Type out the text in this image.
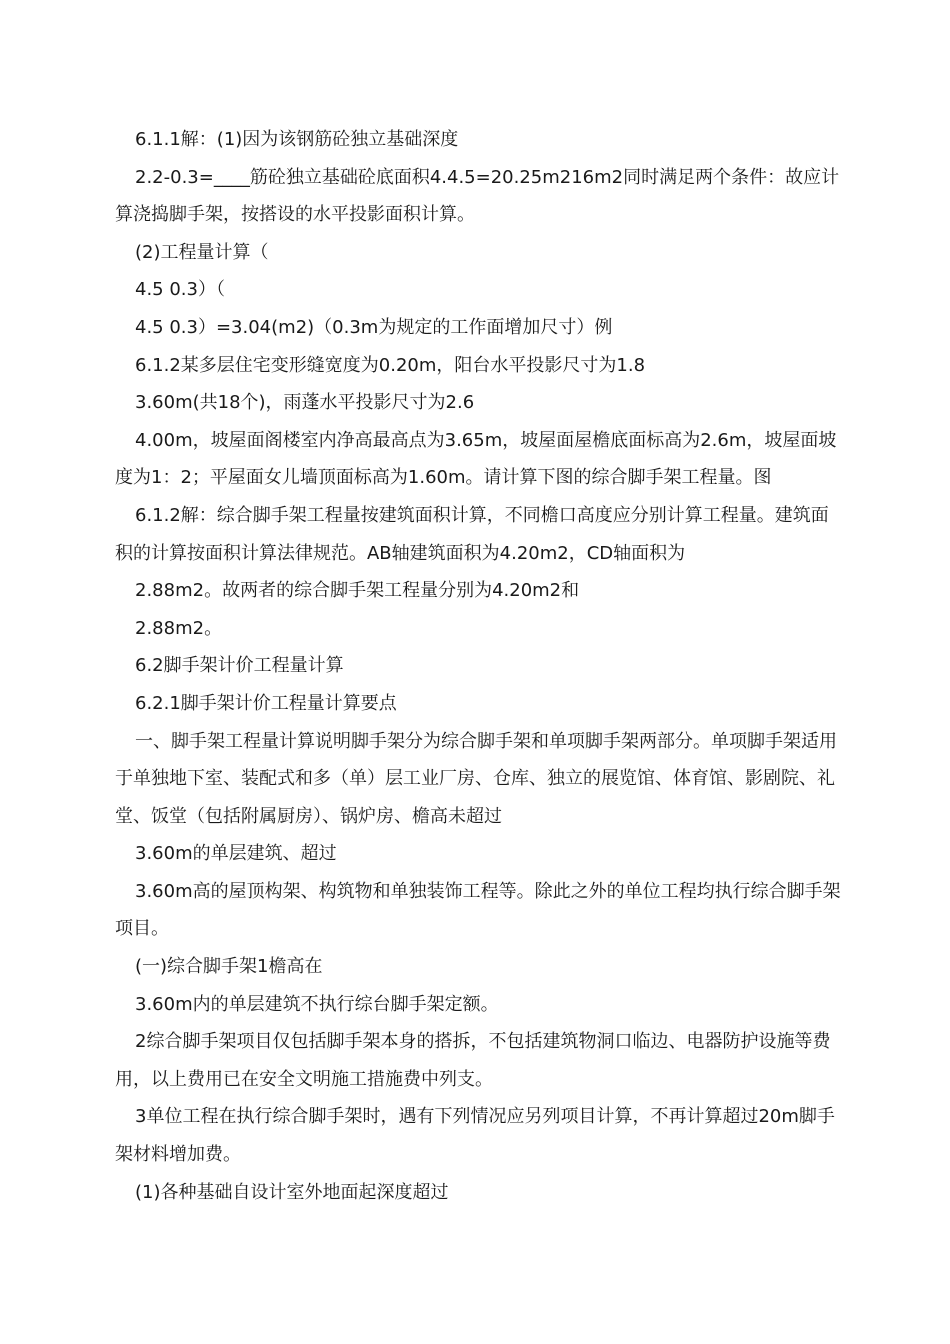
6.1.1解：(1)因为该钢筋砼独立基础深度

2.2-0.3=____筋砼独立基础砼底面积4.4.5=20.25m216m2同时满足两个条件：故应计算浇捣脚手架，按搭设的水平投影面积计算。

(2)工程量计算（

4.5 0.3）（

4.5 0.3）=3.04(m2)（0.3m为规定的工作面增加尺寸）例

6.1.2某多层住宅变形缝宽度为0.20m，阳台水平投影尺寸为1.8

3.60m(共18个)，雨蓬水平投影尺寸为2.6

4.00m，坡屋面阁楼室内净高最高点为3.65m，坡屋面屋檐底面标高为2.6m，坡屋面坡度为1：2；平屋面女儿墙顶面标高为1.60m。请计算下图的综合脚手架工程量。图

6.1.2解：综合脚手架工程量按建筑面积计算，不同檐口高度应分别计算工程量。建筑面积的计算按面积计算法律规范。AB轴建筑面积为4.20m2，CD轴面积为

2.88m2。故两者的综合脚手架工程量分别为4.20m2和

2.88m2。

6.2脚手架计价工程量计算

6.2.1脚手架计价工程量计算要点

一、脚手架工程量计算说明脚手架分为综合脚手架和单项脚手架两部分。单项脚手架适用于单独地下室、装配式和多（单）层工业厂房、仓库、独立的展览馆、体育馆、影剧院、礼堂、饭堂（包括附属厨房）、锅炉房、檐高未超过

3.60m的单层建筑、超过

3.60m高的屋顶构架、构筑物和单独装饰工程等。除此之外的单位工程均执行综合脚手架项目。

(一)综合脚手架1檐高在

3.60m内的单层建筑不执行综台脚手架定额。

2综合脚手架项目仅包括脚手架本身的搭拆，不包括建筑物洞口临边、电器防护设施等费用，以上费用已在安全文明施工措施费中列支。

3单位工程在执行综合脚手架时，遇有下列情况应另列项目计算，不再计算超过20m脚手架材料增加费。

(1)各种基础自设计室外地面起深度超过
